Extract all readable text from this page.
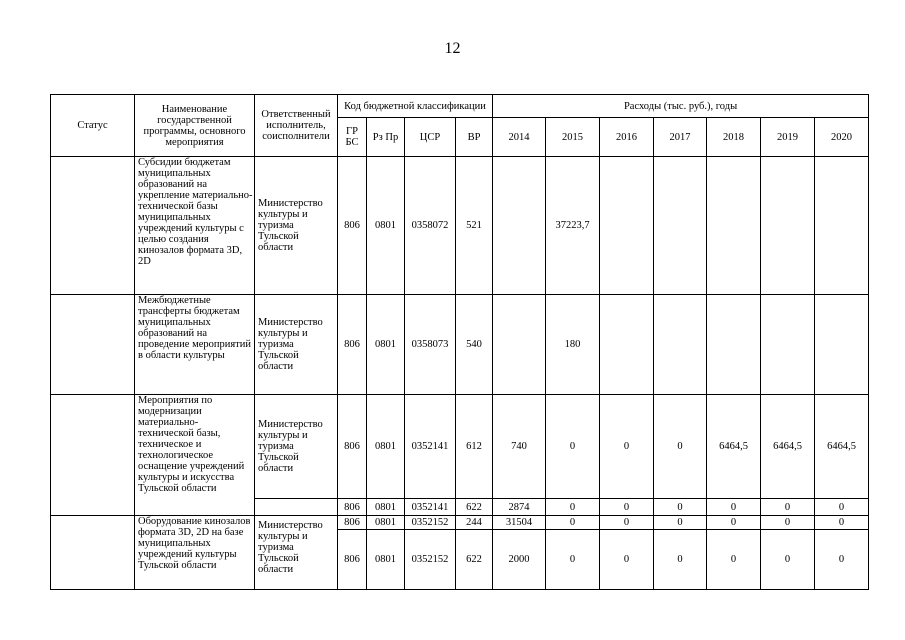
12
Статус	Наименование государственной программы, основного мероприятия	Ответственный исполнитель, соисполнители	Код бюджетной классификации				Расходы (тыс. руб.), годы						
			ГР БС	Рз Пр	ЦСР	ВР	2014	2015	2016	2017	2018	2019	2020
	Субсидии бюджетам муниципальных образований на укрепление материально-технической базы муниципальных учреждений культуры с целью создания кинозалов формата 3D, 2D	Министерство культуры и туризма Тульской области	806	0801	0358072	521		37223,7					
	Межбюджетные трансферты бюджетам муниципальных образований на проведение мероприятий в области культуры	Министерство культуры и туризма Тульской области	806	0801	0358073	540		180					
	Мероприятия по модернизации материально-технической базы, техническое и технологическое оснащение учреждений культуры и искусства Тульской области	Министерство культуры и туризма Тульской области	806	0801	0352141	612	740	0	0	0	6464,5	6464,5	6464,5
			806	0801	0352141	622	2874	0	0	0	0	0	0
	Оборудование кинозалов формата 3D, 2D на базе муниципальных учреждений культуры Тульской области	Министерство культуры и туризма Тульской области	806	0801	0352152	244	31504	0	0	0	0	0	0
			806	0801	0352152	622	2000	0	0	0	0	0	0
